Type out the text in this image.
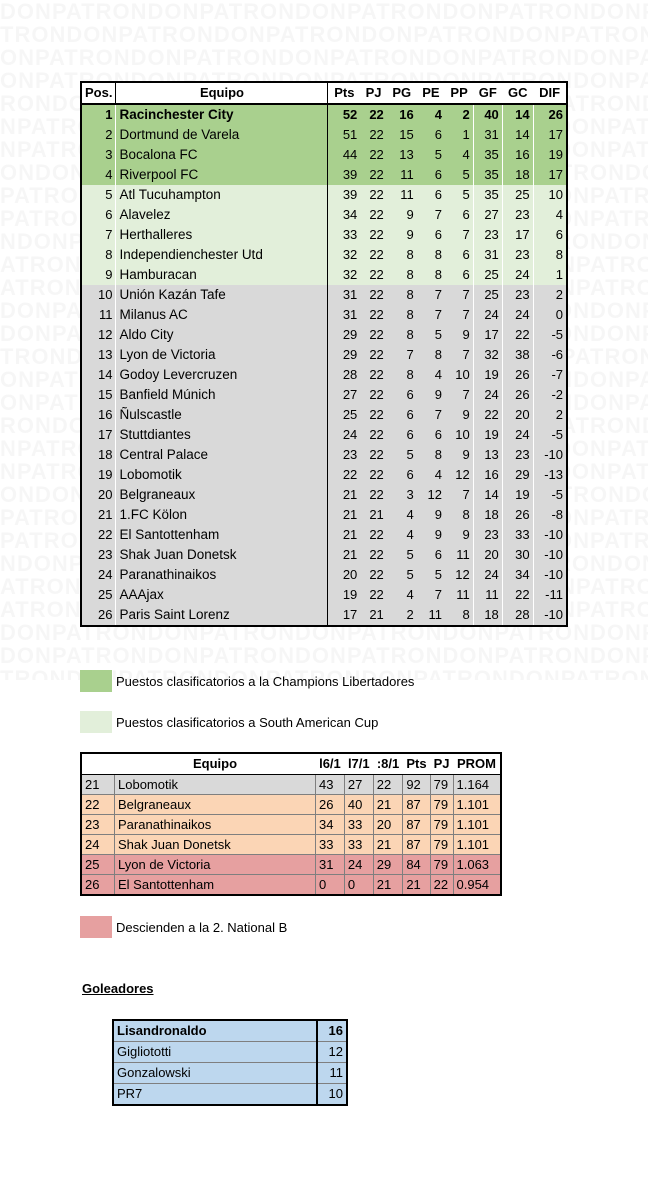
Pos.	Equipo	Pts	PJ	PG	PE	PP	GF	GC	DIF
1	Racinchester City	52	22	16	4	2	40	14	26
2	Dortmund de Varela	51	22	15	6	1	31	14	17
3	Bocalona FC	44	22	13	5	4	35	16	19
4	Riverpool FC	39	22	11	6	5	35	18	17
5	Atl Tucuhampton	39	22	11	6	5	35	25	10
6	Alavelez	34	22	9	7	6	27	23	4
7	Herthalleres	33	22	9	6	7	23	17	6
8	Independienchester Utd	32	22	8	8	6	31	23	8
9	Hamburacan	32	22	8	8	6	25	24	1
10	Unión Kazán Tafe	31	22	8	7	7	25	23	2
11	Milanus AC	31	22	8	7	7	24	24	0
12	Aldo City	29	22	8	5	9	17	22	-5
13	Lyon de Victoria	29	22	7	8	7	32	38	-6
14	Godoy Levercruzen	28	22	8	4	10	19	26	-7
15	Banfield Múnich	27	22	6	9	7	24	26	-2
16	Ñulscastle	25	22	6	7	9	22	20	2
17	Stuttdiantes	24	22	6	6	10	19	24	-5
18	Central Palace	23	22	5	8	9	13	23	-10
19	Lobomotik	22	22	6	4	12	16	29	-13
20	Belgraneaux	21	22	3	12	7	14	19	-5
21	1.FC Kölon	21	21	4	9	8	18	26	-8
22	El Santottenham	21	22	4	9	9	23	33	-10
23	Shak Juan Donetsk	21	22	5	6	11	20	30	-10
24	Paranathinaikos	20	22	5	5	12	24	34	-10
25	AAAjax	19	22	4	7	11	11	22	-11
26	Paris Saint Lorenz	17	21	2	11	8	18	28	-10
Puestos clasificatorios a la Champions Libertadores
Puestos clasificatorios a South American Cup
	Equipo	l6/1	l7/1	:8/1	Pts	PJ	PROM
21	Lobomotik	43	27	22	92	79	1.164
22	Belgraneaux	26	40	21	87	79	1.101
23	Paranathinaikos	34	33	20	87	79	1.101
24	Shak Juan Donetsk	33	33	21	87	79	1.101
25	Lyon de Victoria	31	24	29	84	79	1.063
26	El Santottenham	0	0	21	21	22	0.954
Descienden a la 2. National B
Goleadores
Lisandronaldo	16
Gigliototti	12
Gonzalowski	11
PR7	10
